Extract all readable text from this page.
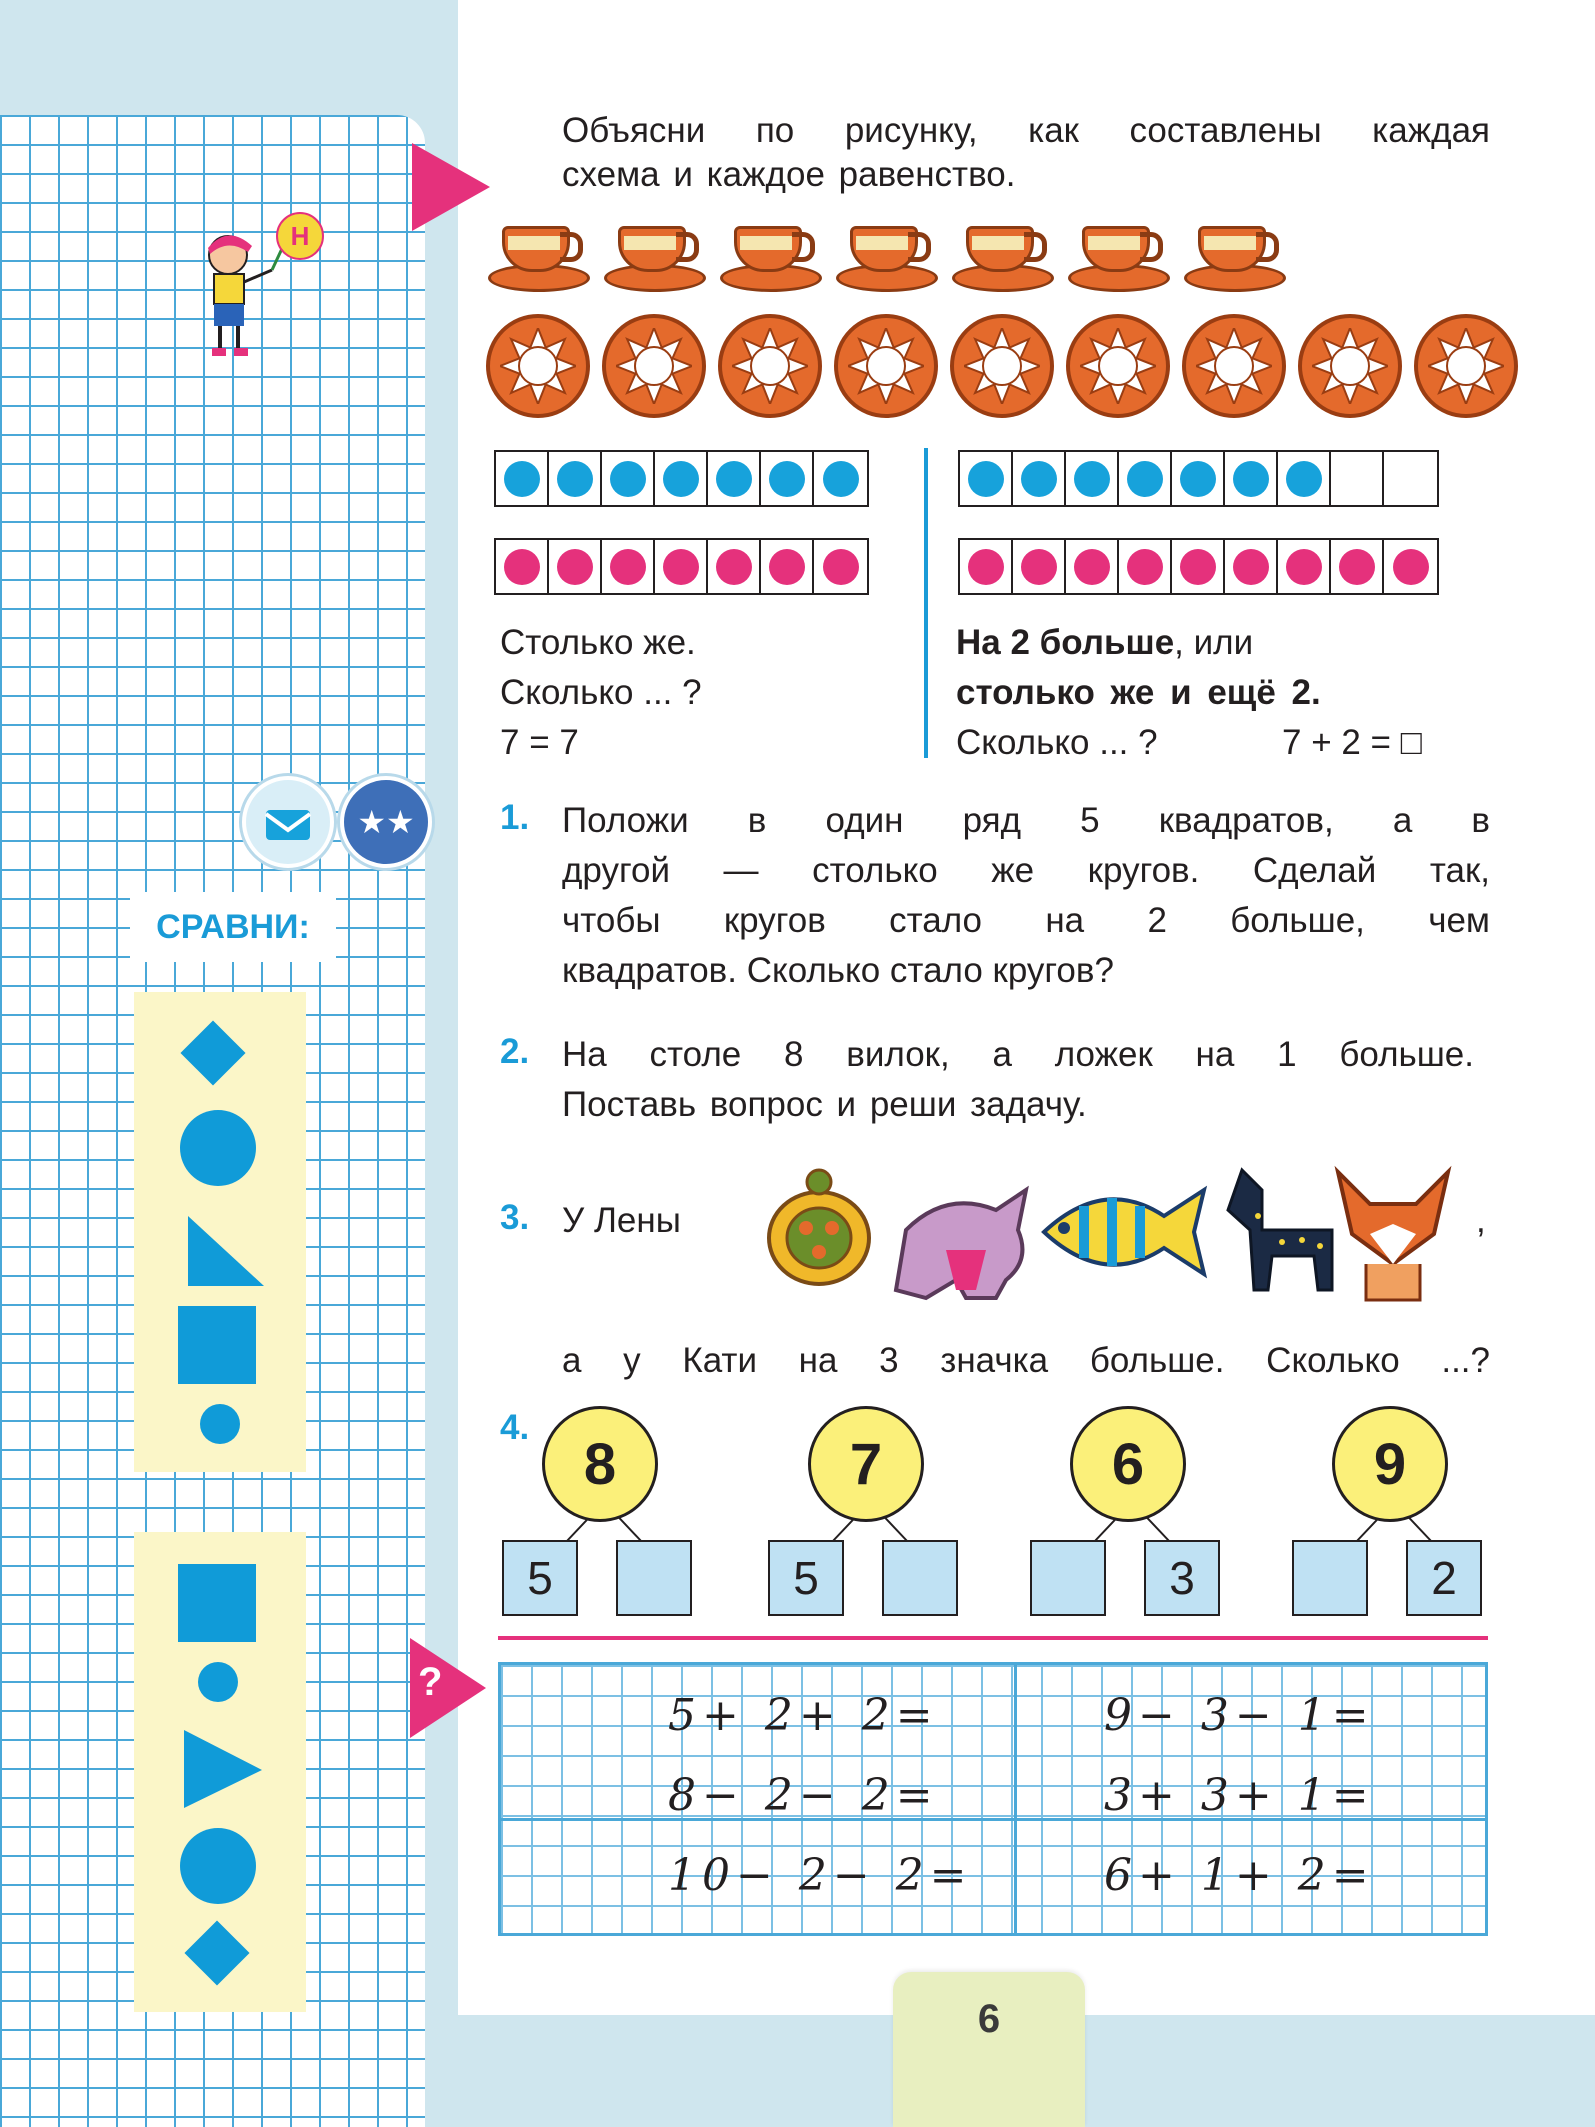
Н
★★
СРАВНИ:
Объясни по рисунку, как составлены каждая
схема и каждое равенство.
Столько же.
Сколько ... ?
7 = 7
На 2 больше, или
столько же и ещё 2.
Сколько ... ?	7 + 2 = □
1. Положи в один ряд 5 квадратов, а в
другой — столько же кругов. Сделай так,
чтобы кругов стало на 2 больше, чем
квадратов. Сколько стало кругов?
2. На столе 8 вилок, а ложек на 1 больше.
Поставь вопрос и реши задачу.
3. У Лены	,
а у Кати на 3 значка больше. Сколько ...?
4.
8
5
7
5
6
3
9
2
?
5+ 2+ 2=
8− 2− 2=
10− 2− 2=
9− 3− 1=
3+ 3+ 1=
6+ 1+ 2=
6
